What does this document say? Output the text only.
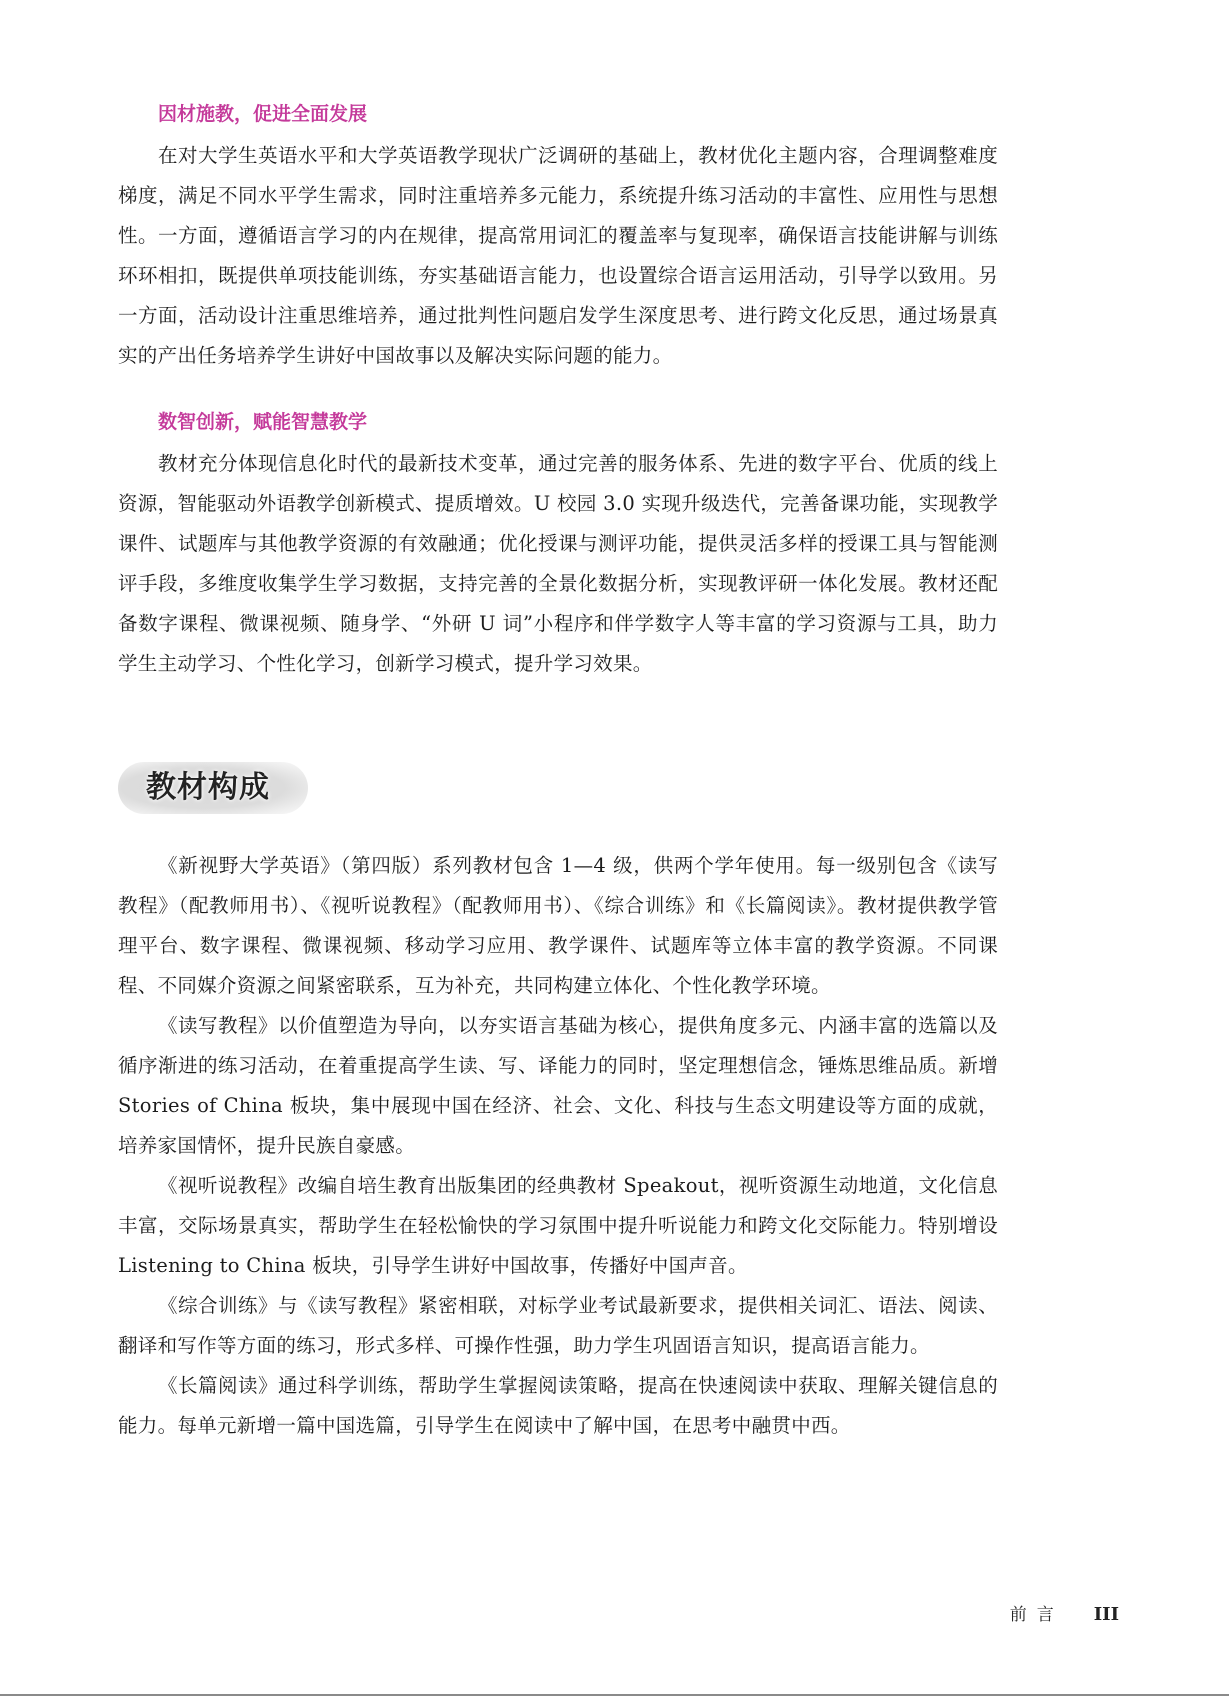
因材施教，促进全面发展

在对大学生英语水平和大学英语教学现状广泛调研的基础上，教材优化主题内容，合理调整难度梯度，满足不同水平学生需求，同时注重培养多元能力，系统提升练习活动的丰富性、应用性与思想性。一方面，遵循语言学习的内在规律，提高常用词汇的覆盖率与复现率，确保语言技能讲解与训练环环相扣，既提供单项技能训练，夯实基础语言能力，也设置综合语言运用活动，引导学以致用。另一方面，活动设计注重思维培养，通过批判性问题启发学生深度思考、进行跨文化反思，通过场景真实的产出任务培养学生讲好中国故事以及解决实际问题的能力。

数智创新，赋能智慧教学

教材充分体现信息化时代的最新技术变革，通过完善的服务体系、先进的数字平台、优质的线上资源，智能驱动外语教学创新模式、提质增效。U 校园 3.0 实现升级迭代，完善备课功能，实现教学课件、试题库与其他教学资源的有效融通；优化授课与测评功能，提供灵活多样的授课工具与智能测评手段，多维度收集学生学习数据，支持完善的全景化数据分析，实现教评研一体化发展。教材还配备数字课程、微课视频、随身学、“外研 U 词”小程序和伴学数字人等丰富的学习资源与工具，助力学生主动学习、个性化学习，创新学习模式，提升学习效果。

教材构成

《新视野大学英语》（第四版）系列教材包含 1—4 级，供两个学年使用。每一级别包含《读写教程》（配教师用书）、《视听说教程》（配教师用书）、《综合训练》和《长篇阅读》。教材提供教学管理平台、数字课程、微课视频、移动学习应用、教学课件、试题库等立体丰富的教学资源。不同课程、不同媒介资源之间紧密联系，互为补充，共同构建立体化、个性化教学环境。

《读写教程》以价值塑造为导向，以夯实语言基础为核心，提供角度多元、内涵丰富的选篇以及循序渐进的练习活动，在着重提高学生读、写、译能力的同时，坚定理想信念，锤炼思维品质。新增 Stories of China 板块，集中展现中国在经济、社会、文化、科技与生态文明建设等方面的成就，培养家国情怀，提升民族自豪感。

《视听说教程》改编自培生教育出版集团的经典教材 Speakout，视听资源生动地道，文化信息丰富，交际场景真实，帮助学生在轻松愉快的学习氛围中提升听说能力和跨文化交际能力。特别增设 Listening to China 板块，引导学生讲好中国故事，传播好中国声音。

《综合训练》与《读写教程》紧密相联，对标学业考试最新要求，提供相关词汇、语法、阅读、翻译和写作等方面的练习，形式多样、可操作性强，助力学生巩固语言知识，提高语言能力。

《长篇阅读》通过科学训练，帮助学生掌握阅读策略，提高在快速阅读中获取、理解关键信息的能力。每单元新增一篇中国选篇，引导学生在阅读中了解中国，在思考中融贯中西。

前言 III
